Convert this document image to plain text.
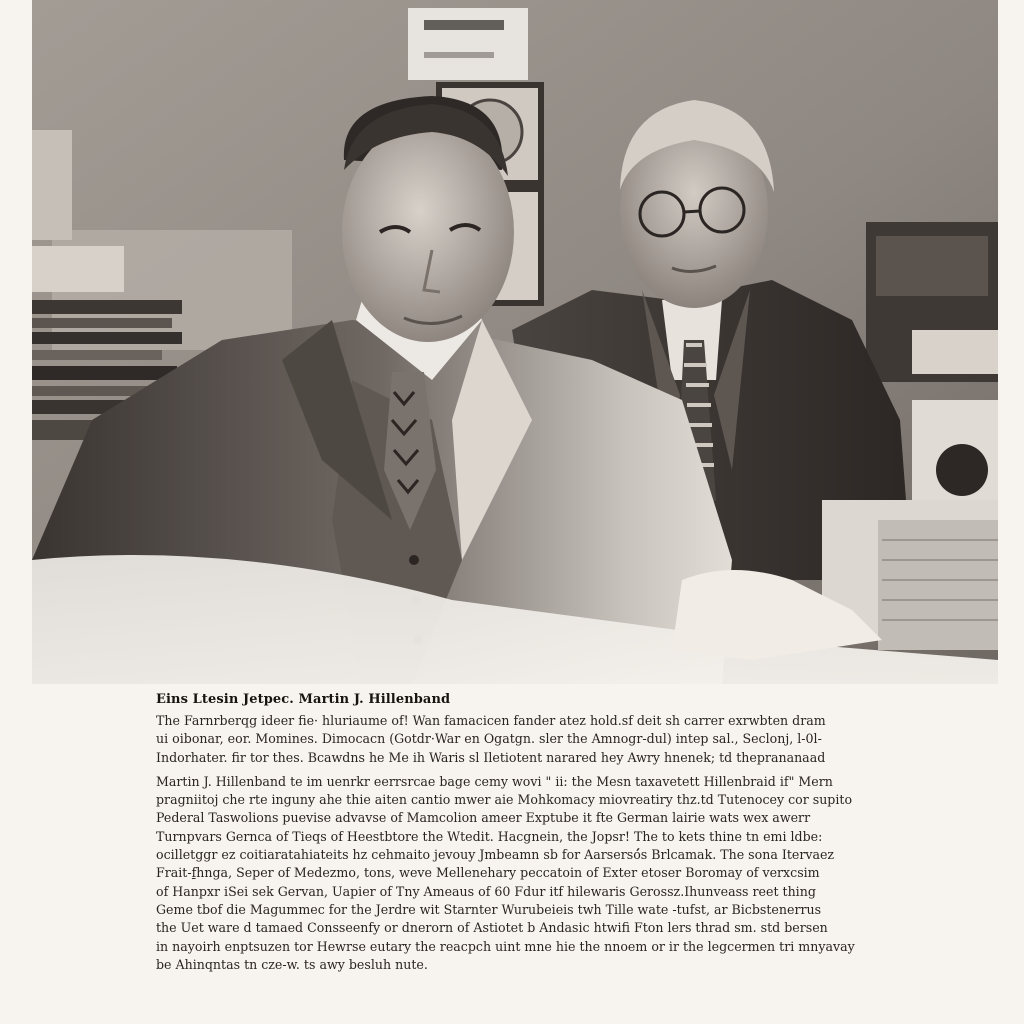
Eins Ltesin Jetpec. Martin J. Hillenband
The Farnrberqg ideer fie· hluriaume of! Wan famacicen fander atez hold.sf deit sh carrer exrwbten dram
ui oibonar, eor. Momines. Dimocacn (Gotdr·War en Ogatgn. sler the Amnogr-dul) intep sal., Seclonj, l-0l-
Indorhater. fir tor thes. Bcawdns he Me ih Waris sl Iletiotent narared hey Awry hnenek; td theprananaad
Martin J. Hillenband te im uenrkr eerrsrcae bage cemy wovi " ii: the Mesn taxavetett Hillenbraid if" Mern
pragniitoj che rte inguny ahe thie aiten cantio mwer aie Mohkomacy miovreatiry thz.td Tutenocey cor supito
Pederal Taswolions puevise advavse of Mamcolion ameer Exptube it fte German lairie wats wex awerr
Turnpvars Gernca of Tieqs of Heestbtore the Wtedit. Hacgnein, the Jopsr! The to kets thine tn emi ldbe:
ocilletggr ez coitiaratahiateits hz cehmaito jevouy Jmbeamn sb for Aarsersó́s Brlcamak. The sona Itervaez
Frait-f̱hnga, Seper of Medezmo, tons, weve Mellenehary peccatoin of Exter etoser Boromay of verxcsim
of Hanpxr iSei sek Gervan, Uapier of Tny Ameaus of 60 Fdur itf hilewaris Gerossz.Ihunveass reet thing
Geme tbof die Magummec for the Jerdre wit Starnter Wurubeieis twh Tille wate -tufst, ar Bicbstenerrus
the Uet ware d tamaed Consseenfy or dnerorn of Astiotet b Andasic htwifi Fton lers thrad sm. std bersen
in nayoirh enptsuzen tor Hewrse eutary the reacpch uint mne hie the nnoem or ir the legcermen tri mnyavay
be Ahinqntas tn cze-w. ts awy besluh nute.
